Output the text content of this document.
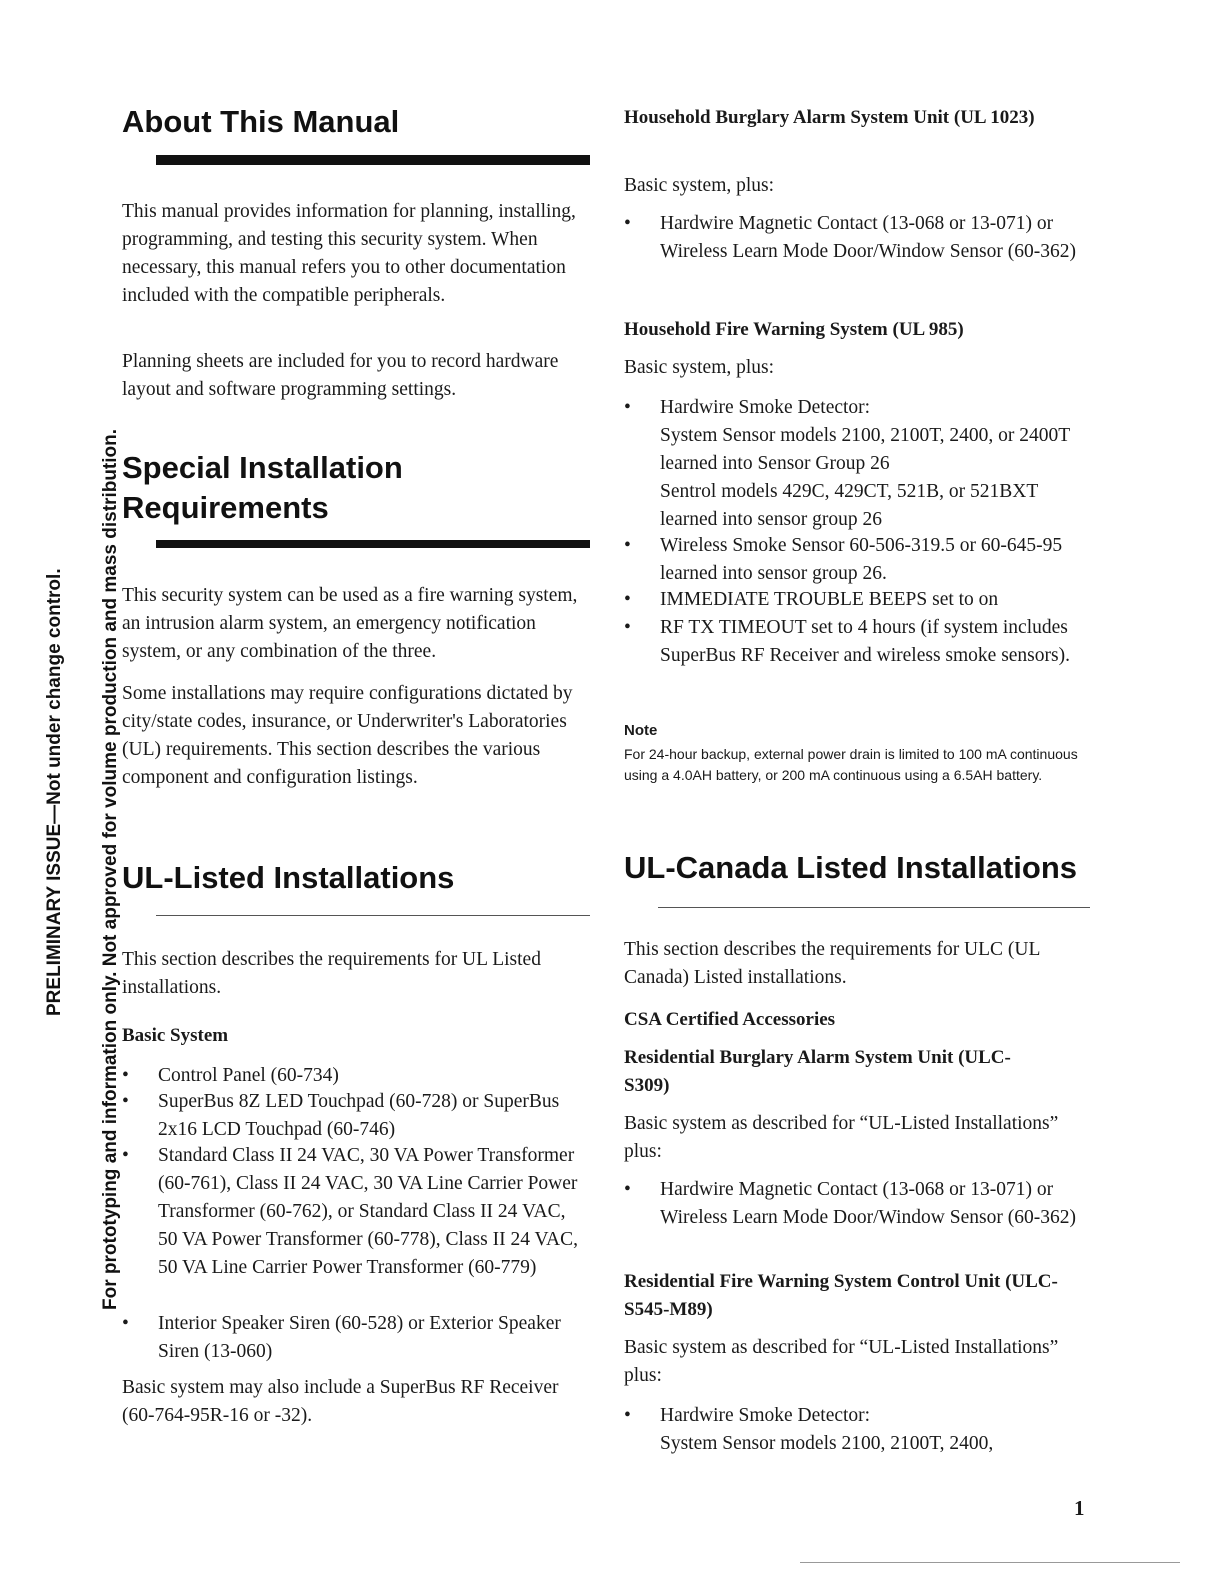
PRELIMINARY ISSUE—Not under change control. For prototyping and information only. Not approved for volume production and mass distribution.
About This Manual

This manual provides information for planning, installing, programming, and testing this security system. When necessary, this manual refers you to other documentation included with the compatible peripherals.

Planning sheets are included for you to record hardware layout and software programming settings.

Special Installation Requirements

This security system can be used as a fire warning system, an intrusion alarm system, an emergency notification system, or any combination of the three.

Some installations may require configurations dictated by city/state codes, insurance, or Underwriter's Laboratories (UL) requirements. This section describes the various component and configuration listings.

UL-Listed Installations

This section describes the requirements for UL Listed installations.

Basic System
•	Control Panel (60-734)
•	SuperBus 8Z LED Touchpad (60-728) or SuperBus 2x16 LCD Touchpad (60-746)
•	Standard Class II 24 VAC, 30 VA Power Transformer (60-761), Class II 24 VAC, 30 VA Line Carrier Power Transformer (60-762), or Standard Class II 24 VAC, 50 VA Power Transformer (60-778), Class II 24 VAC, 50 VA Line Carrier Power Transformer (60-779)
•	Interior Speaker Siren (60-528) or Exterior Speaker Siren (13-060)

Basic system may also include a SuperBus RF Receiver (60-764-95R-16 or -32).

Household Burglary Alarm System Unit (UL 1023)

Basic system, plus:

•	Hardwire Magnetic Contact (13-068 or 13-071) or Wireless Learn Mode Door/Window Sensor (60-362)
Household Fire Warning System (UL 985)

Basic system, plus:

•	Hardwire Smoke Detector:
System Sensor models 2100, 2100T, 2400, or 2400T learned into Sensor Group 26
Sentrol models 429C, 429CT, 521B, or 521BXT learned into sensor group 26
•	Wireless Smoke Sensor 60-506-319.5 or 60-645-95 learned into sensor group 26.
•	IMMEDIATE TROUBLE BEEPS set to on
•	RF TX TIMEOUT set to 4 hours (if system includes SuperBus RF Receiver and wireless smoke sensors).
Note
For 24-hour backup, external power drain is limited to 100 mA continuous using a 4.0AH battery, or 200 mA continuous using a 6.5AH battery.
UL-Canada Listed Installations

This section describes the requirements for ULC (UL Canada) Listed installations.

CSA Certified Accessories
Residential Burglary Alarm System Unit (ULC-S309)

Basic system as described for “UL-Listed Installations” plus:

•	Hardwire Magnetic Contact (13-068 or 13-071) or Wireless Learn Mode Door/Window Sensor (60-362)
Residential Fire Warning System Control Unit (ULC-S545-M89)

Basic system as described for “UL-Listed Installations” plus:

•	Hardwire Smoke Detector:
System Sensor models 2100, 2100T, 2400,
1
